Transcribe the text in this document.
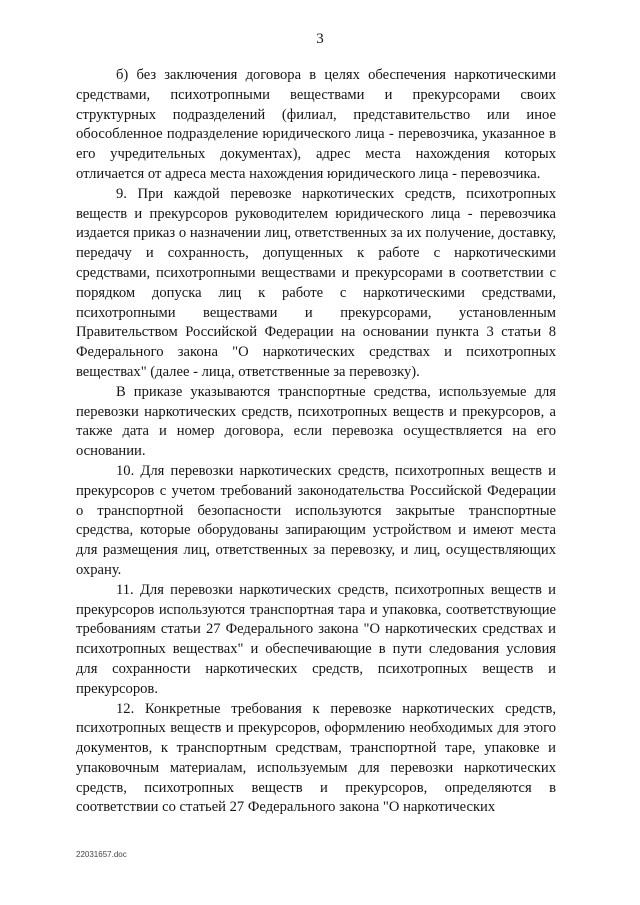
3

б) без заключения договора в целях обеспечения наркотическими средствами, психотропными веществами и прекурсорами своих структурных подразделений (филиал, представительство или иное обособленное подразделение юридического лица - перевозчика, указанное в его учредительных документах), адрес места нахождения которых отличается от адреса места нахождения юридического лица - перевозчика.

9. При каждой перевозке наркотических средств, психотропных веществ и прекурсоров руководителем юридического лица - перевозчика издается приказ о назначении лиц, ответственных за их получение, доставку, передачу и сохранность, допущенных к работе с наркотическими средствами, психотропными веществами и прекурсорами в соответствии с порядком допуска лиц к работе с наркотическими средствами, психотропными веществами и прекурсорами, установленным Правительством Российской Федерации на основании пункта 3 статьи 8 Федерального закона "О наркотических средствах и психотропных веществах" (далее - лица, ответственные за перевозку).

В приказе указываются транспортные средства, используемые для перевозки наркотических средств, психотропных веществ и прекурсоров, а также дата и номер договора, если перевозка осуществляется на его основании.

10. Для перевозки наркотических средств, психотропных веществ и прекурсоров с учетом требований законодательства Российской Федерации о транспортной безопасности используются закрытые транспортные средства, которые оборудованы запирающим устройством и имеют места для размещения лиц, ответственных за перевозку, и лиц, осуществляющих охрану.

11. Для перевозки наркотических средств, психотропных веществ и прекурсоров используются транспортная тара и упаковка, соответствующие требованиям статьи 27 Федерального закона "О наркотических средствах и психотропных веществах" и обеспечивающие в пути следования условия для сохранности наркотических средств, психотропных веществ и прекурсоров.

12. Конкретные требования к перевозке наркотических средств, психотропных веществ и прекурсоров, оформлению необходимых для этого документов, к транспортным средствам, транспортной таре, упаковке и упаковочным материалам, используемым для перевозки наркотических средств, психотропных веществ и прекурсоров, определяются в соответствии со статьей 27 Федерального закона "О наркотических

22031657.doc
